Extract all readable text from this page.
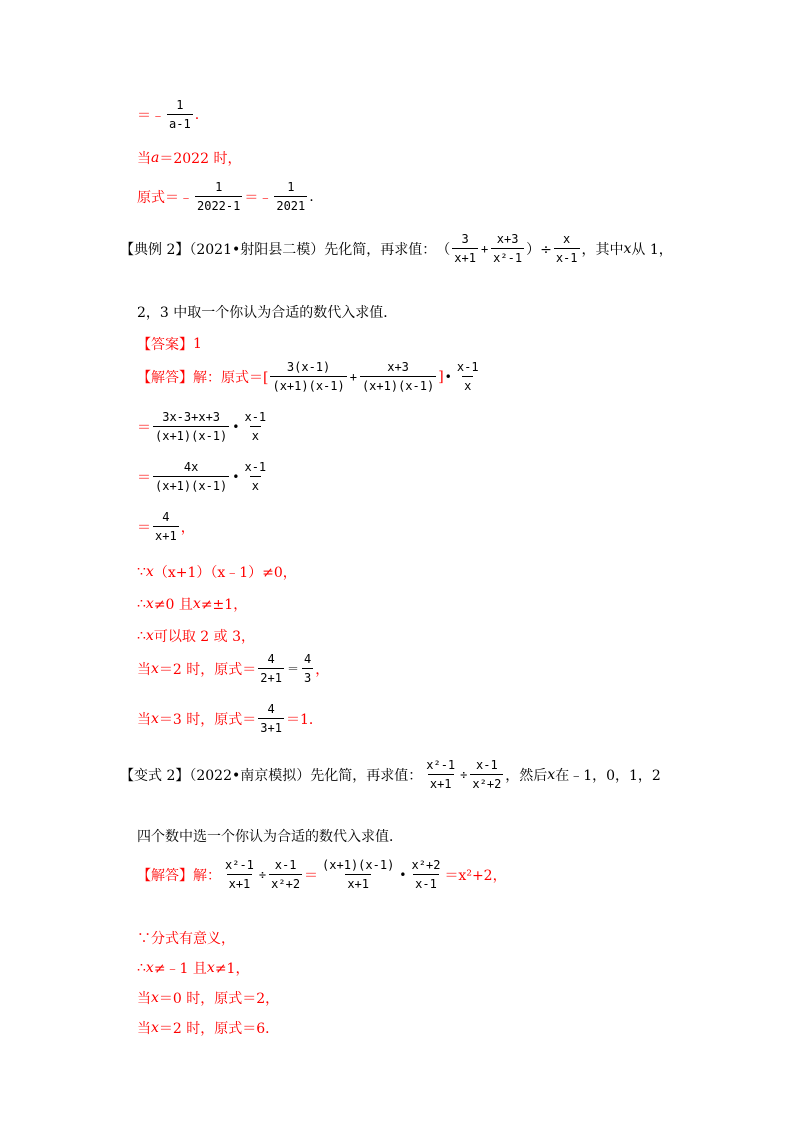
＝﹣ $\frac{1}{a-1}$ .
当 a ＝2022 时，
原式＝﹣ $\frac{1}{2022-1}$ ＝﹣ $\frac{1}{2021}$ .
【典例 2】（2021•射阳县二模）先化简，再求值： （ $\frac{3}{x+1} + \frac{x+3}{\text{x²-1}}$ ）÷ $\frac{x}{x-1}$ ，其中 x 从 1，
2，3 中取一个你认为合适的数代入求值．
【答案】 1
【解答】 解：原式＝[ $\frac{3(x-1)}{(x+1)(x-1)} + \frac{x+3}{(x+1)(x-1)}$ ] • $\frac{x-1}{x}$
＝ $\frac{3x-3+x+3}{(x+1)(x-1)}$ • $\frac{x-1}{x}$
＝ $\frac{4x}{(x+1)(x-1)}$ • $\frac{x-1}{x}$
＝ $\frac{4}{x+1}$ ，
∵ x （x+1）（x﹣1）≠0，
∴ x ≠0 且 x ≠±1，
∴ x 可以取 2 或 3，
当 x ＝2 时，原式＝ $\frac{4}{2+1} = \frac{4}{3}$ ，
当 x ＝3 时，原式＝ $\frac{4}{3+1} =1$．
【变式 2】（2022•南京模拟）先化简，再求值： $\frac{\text{x²-1}}{x+1} \div \frac{x-1}{\text{x²+2}}$ ，然后 x 在﹣1，0，1，2
四个数中选一个你认为合适的数代入求值．
【解答】 解： $\frac{\text{x²-1}}{x+1} \div \frac{x-1}{\text{x²+2}} = \frac{(x+1)(x-1)}{x+1}$ • $\frac{\text{x²+2}}{x-1} =x^2+2$，
∵分式有意义，
∴ x ≠﹣1 且 x ≠1，
当 x ＝0 时，原式＝2，
当 x ＝2 时，原式＝6．
